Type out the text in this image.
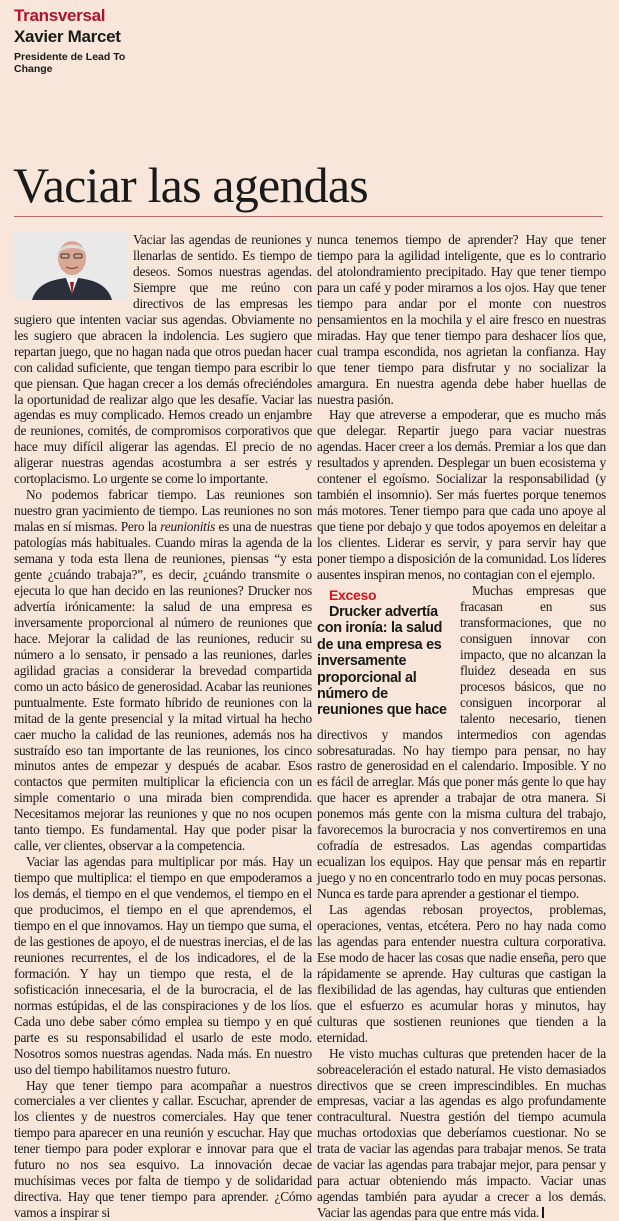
Transversal
Xavier Marcet
Presidente de Lead To Change
Vaciar las agendas

Vaciar las agendas de reuniones y llenarlas de sentido. Es tiempo de deseos. Somos nuestras agendas. Siempre que me reúno con directivos de las empresas les sugiero que intenten vaciar sus agendas. Obviamente no les sugiero que abracen la indolencia. Les sugiero que repartan juego, que no hagan nada que otros puedan hacer con calidad suficiente, que tengan tiempo para escribir lo que piensan. Que hagan crecer a los demás ofreciéndoles la oportunidad de realizar algo que les desafíe. Vaciar las agendas es muy complicado. Hemos creado un enjambre de reuniones, comités, de compromisos corporativos que hace muy difícil aligerar las agendas. El precio de no aligerar nuestras agendas acostumbra a ser estrés y cortoplacismo. Lo urgente se come lo importante.

No podemos fabricar tiempo. Las reuniones son nuestro gran yacimiento de tiempo. Las reuniones no son malas en sí mismas. Pero la reunionitis es una de nuestras patologías más habituales. Cuando miras la agenda de la semana y toda esta llena de reuniones, piensas “y esta gente ¿cuándo trabaja?”, es decir, ¿cuándo transmite o ejecuta lo que han decido en las reuniones? Drucker nos advertía irónicamente: la salud de una empresa es inversamente proporcional al número de reuniones que hace. Mejorar la calidad de las reuniones, reducir su número a lo sensato, ir pensado a las reuniones, darles agilidad gracias a considerar la brevedad compartida como un acto básico de generosidad. Acabar las reuniones puntualmente. Este formato híbrido de reuniones con la mitad de la gente presencial y la mitad virtual ha hecho caer mucho la calidad de las reuniones, además nos ha sustraído eso tan importante de las reuniones, los cinco minutos antes de empezar y después de acabar. Esos contactos que permiten multiplicar la eficiencia con un simple comentario o una mirada bien comprendida. Necesitamos mejorar las reuniones y que no nos ocupen tanto tiempo. Es fundamental. Hay que poder pisar la calle, ver clientes, observar a la competencia.

Vaciar las agendas para multiplicar por más. Hay un tiempo que multiplica: el tiempo en que empoderamos a los demás, el tiempo en el que vendemos, el tiempo en el que producimos, el tiempo en el que aprendemos, el tiempo en el que innovamos. Hay un tiempo que suma, el de las gestiones de apoyo, el de nuestras inercias, el de las reuniones recurrentes, el de los indicadores, el de la formación. Y hay un tiempo que resta, el de la sofisticación innecesaria, el de la burocracia, el de las normas estúpidas, el de las conspiraciones y de los líos. Cada uno debe saber cómo emplea su tiempo y en qué parte es su responsabilidad el usarlo de este modo. Nosotros somos nuestras agendas. Nada más. En nuestro uso del tiempo habilitamos nuestro futuro.

Hay que tener tiempo para acompañar a nuestros comerciales a ver clientes y callar. Escuchar, aprender de los clientes y de nuestros comerciales. Hay que tener tiempo para aparecer en una reunión y escuchar. Hay que tener tiempo para poder explorar e innovar para que el futuro no nos sea esquivo. La innovación decae muchísimas veces por falta de tiempo y de solidaridad directiva. Hay que tener tiempo para aprender. ¿Cómo vamos a inspirar si

nunca tenemos tiempo de aprender? Hay que tener tiempo para la agilidad inteligente, que es lo contrario del atolondramiento precipitado. Hay que tener tiempo para un café y poder mirarnos a los ojos. Hay que tener tiempo para andar por el monte con nuestros pensamientos en la mochila y el aire fresco en nuestras miradas. Hay que tener tiempo para deshacer líos que, cual trampa escondida, nos agrietan la confianza. Hay que tener tiempo para disfrutar y no socializar la amargura. En nuestra agenda debe haber huellas de nuestra pasión.

Hay que atreverse a empoderar, que es mucho más que delegar. Repartir juego para vaciar nuestras agendas. Hacer creer a los demás. Premiar a los que dan resultados y aprenden. Desplegar un buen ecosistema y contener el egoísmo. Socializar la responsabilidad (y también el insomnio). Ser más fuertes porque tenemos más motores. Tener tiempo para que cada uno apoye al que tiene por debajo y que todos apoyemos en deleitar a los clientes. Liderar es servir, y para servir hay que poner tiempo a disposición de la comunidad. Los líderes ausentes inspiran menos, no contagian con el ejemplo.

Exceso
Drucker advertía con ironía: la salud de una empresa es inversamente proporcional al número de reuniones que hace
Muchas empresas que fracasan en sus transformaciones, que no consiguen innovar con impacto, que no alcanzan la fluidez deseada en sus procesos básicos, que no consiguen incorporar al talento necesario, tienen directivos y mandos intermedios con agendas sobresaturadas. No hay tiempo para pensar, no hay rastro de generosidad en el calendario. Imposible. Y no es fácil de arreglar. Más que poner más gente lo que hay que hacer es aprender a trabajar de otra manera. Si ponemos más gente con la misma cultura del trabajo, favorecemos la burocracia y nos convertiremos en una cofradía de estresados. Las agendas compartidas ecualizan los equipos. Hay que pensar más en repartir juego y no en concentrarlo todo en muy pocas personas. Nunca es tarde para aprender a gestionar el tiempo.

Las agendas rebosan proyectos, problemas, operaciones, ventas, etcétera. Pero no hay nada como las agendas para entender nuestra cultura corporativa. Ese modo de hacer las cosas que nadie enseña, pero que rápidamente se aprende. Hay culturas que castigan la flexibilidad de las agendas, hay culturas que entienden que el esfuerzo es acumular horas y minutos, hay culturas que sostienen reuniones que tienden a la eternidad.

He visto muchas culturas que pretenden hacer de la sobreaceleración el estado natural. He visto demasiados directivos que se creen imprescindibles. En muchas empresas, vaciar a las agendas es algo profundamente contracultural. Nuestra gestión del tiempo acumula muchas ortodoxias que deberíamos cuestionar. No se trata de vaciar las agendas para trabajar menos. Se trata de vaciar las agendas para trabajar mejor, para pensar y para actuar obteniendo más impacto. Vaciar unas agendas también para ayudar a crecer a los demás. Vaciar las agendas para que entre más vida.
